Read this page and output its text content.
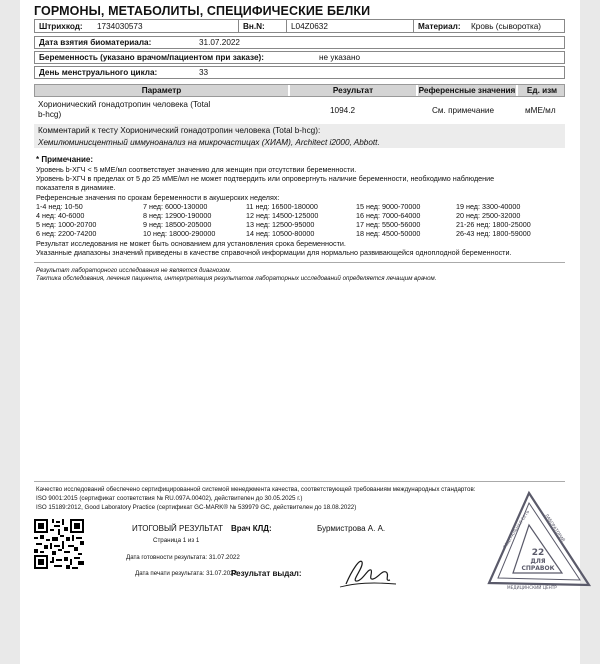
ГОРМОНЫ, МЕТАБОЛИТЫ, СПЕЦИФИЧЕСКИЕ БЕЛКИ
Штрихкод:	1734030573	Вн.N:	L04Z0632	Материал:	Кровь (сыворотка)
Дата взятия биоматериала:	31.07.2022
Беременность (указано врачом/пациентом при заказе):	не указано
День менструального цикла:	33
Параметр	Результат	Референсные значения	Ед. изм
Хорионический гонадотропин человека (Total
b-hcg)	1094.2	См. примечание	мМЕ/мл
Комментарий к тесту Хорионический гонадотропин человека (Total b-hcg):
Хемилюминисцентный иммуноанализ на микрочастицах (ХИАМ), Architect i2000, Abbott.
* Примечание:
Уровень b-ХГЧ < 5 мМЕ/мл соответствует значению для женщин при отсутствии беременности.
Уровень b-ХГЧ в пределах от 5 до 25 мМЕ/мл не может подтвердить или опровергнуть наличие беременности, необходимо наблюдение
показателя в динамике.
Референсные значения по срокам беременности в акушерских неделях:
1-4 нед: 10-50	7 нед: 6000-130000	11 нед: 16500-180000	15 нед: 9000-70000	19 нед: 3300-40000
4 нед: 40-6000	8 нед: 12900-190000	12 нед: 14500-125000	16 нед: 7000-64000	20 нед: 2500-32000
5 нед: 1000-20700	9 нед: 18500-205000	13 нед: 12500-95000	17 нед: 5500-56000	21-26 нед: 1800-25000
6 нед: 2200-74200	10 нед: 18000-290000	14 нед: 10500-80000	18 нед: 4500-50000	26-43 нед: 1800-59000
Результат исследования не может быть основанием для установления срока беременности.
Указанные диапазоны значений приведены в качестве справочной информации для нормально развивающейся одноплодной беременности.
Результат лабораторного исследования не является диагнозом.
Тактика обследования, лечения пациента, интерпретация результатов лабораторных исследований определяется лечащим врачом.
Качество исследований обеспечено сертифицированной системой менеджмента качества, соответствующей требованиям международных стандартов:
ISO 9001:2015 (сертификат соответствия № RU.097А.00402), действителен до 30.05.2025 г.)
ISO 15189:2012, Good Laboratory Practice (сертификат GC-MARK® № 539979 GC, действителен до 18.08.2022)
ИТОГОВЫЙ РЕЗУЛЬТАТ
Страница 1 из 1
Дата готовности результата: 31.07.2022
Дата печати результата: 31.07.2022
Врач КЛД:	Бурмистрова А. А.
Результат выдал:
ФЕДЕРАЛЬНАЯ СЕТЬ	ЛАБОРАТОРИЙ
МЕДИЦИНСКИЙ ЦЕНТР
22
ДЛЯ
СПРАВОК
